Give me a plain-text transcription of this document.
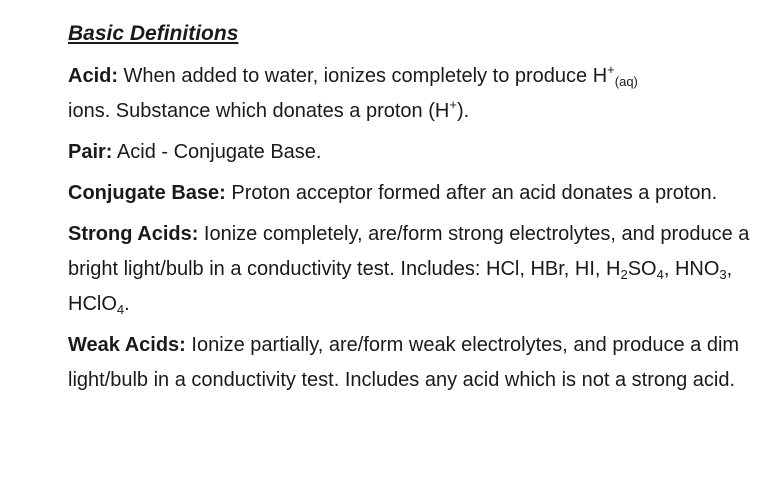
Basic Definitions
Acid: When added to water, ionizes completely to produce $H^+_{(aq)}$
ions. Substance which donates a proton (H+).
Pair: Acid - Conjugate Base.
Conjugate Base: Proton acceptor formed after an acid donates a proton.
Strong Acids: Ionize completely, are/form strong electrolytes, and produce a bright light/bulb in a conductivity test. Includes: HCl, HBr, HI, $H_2SO_4$, $HNO_3$, HClO$_4$.
Weak Acids: Ionize partially, are/form weak electrolytes, and produce a dim light/bulb in a conductivity test. Includes any acid which is not a strong acid.
